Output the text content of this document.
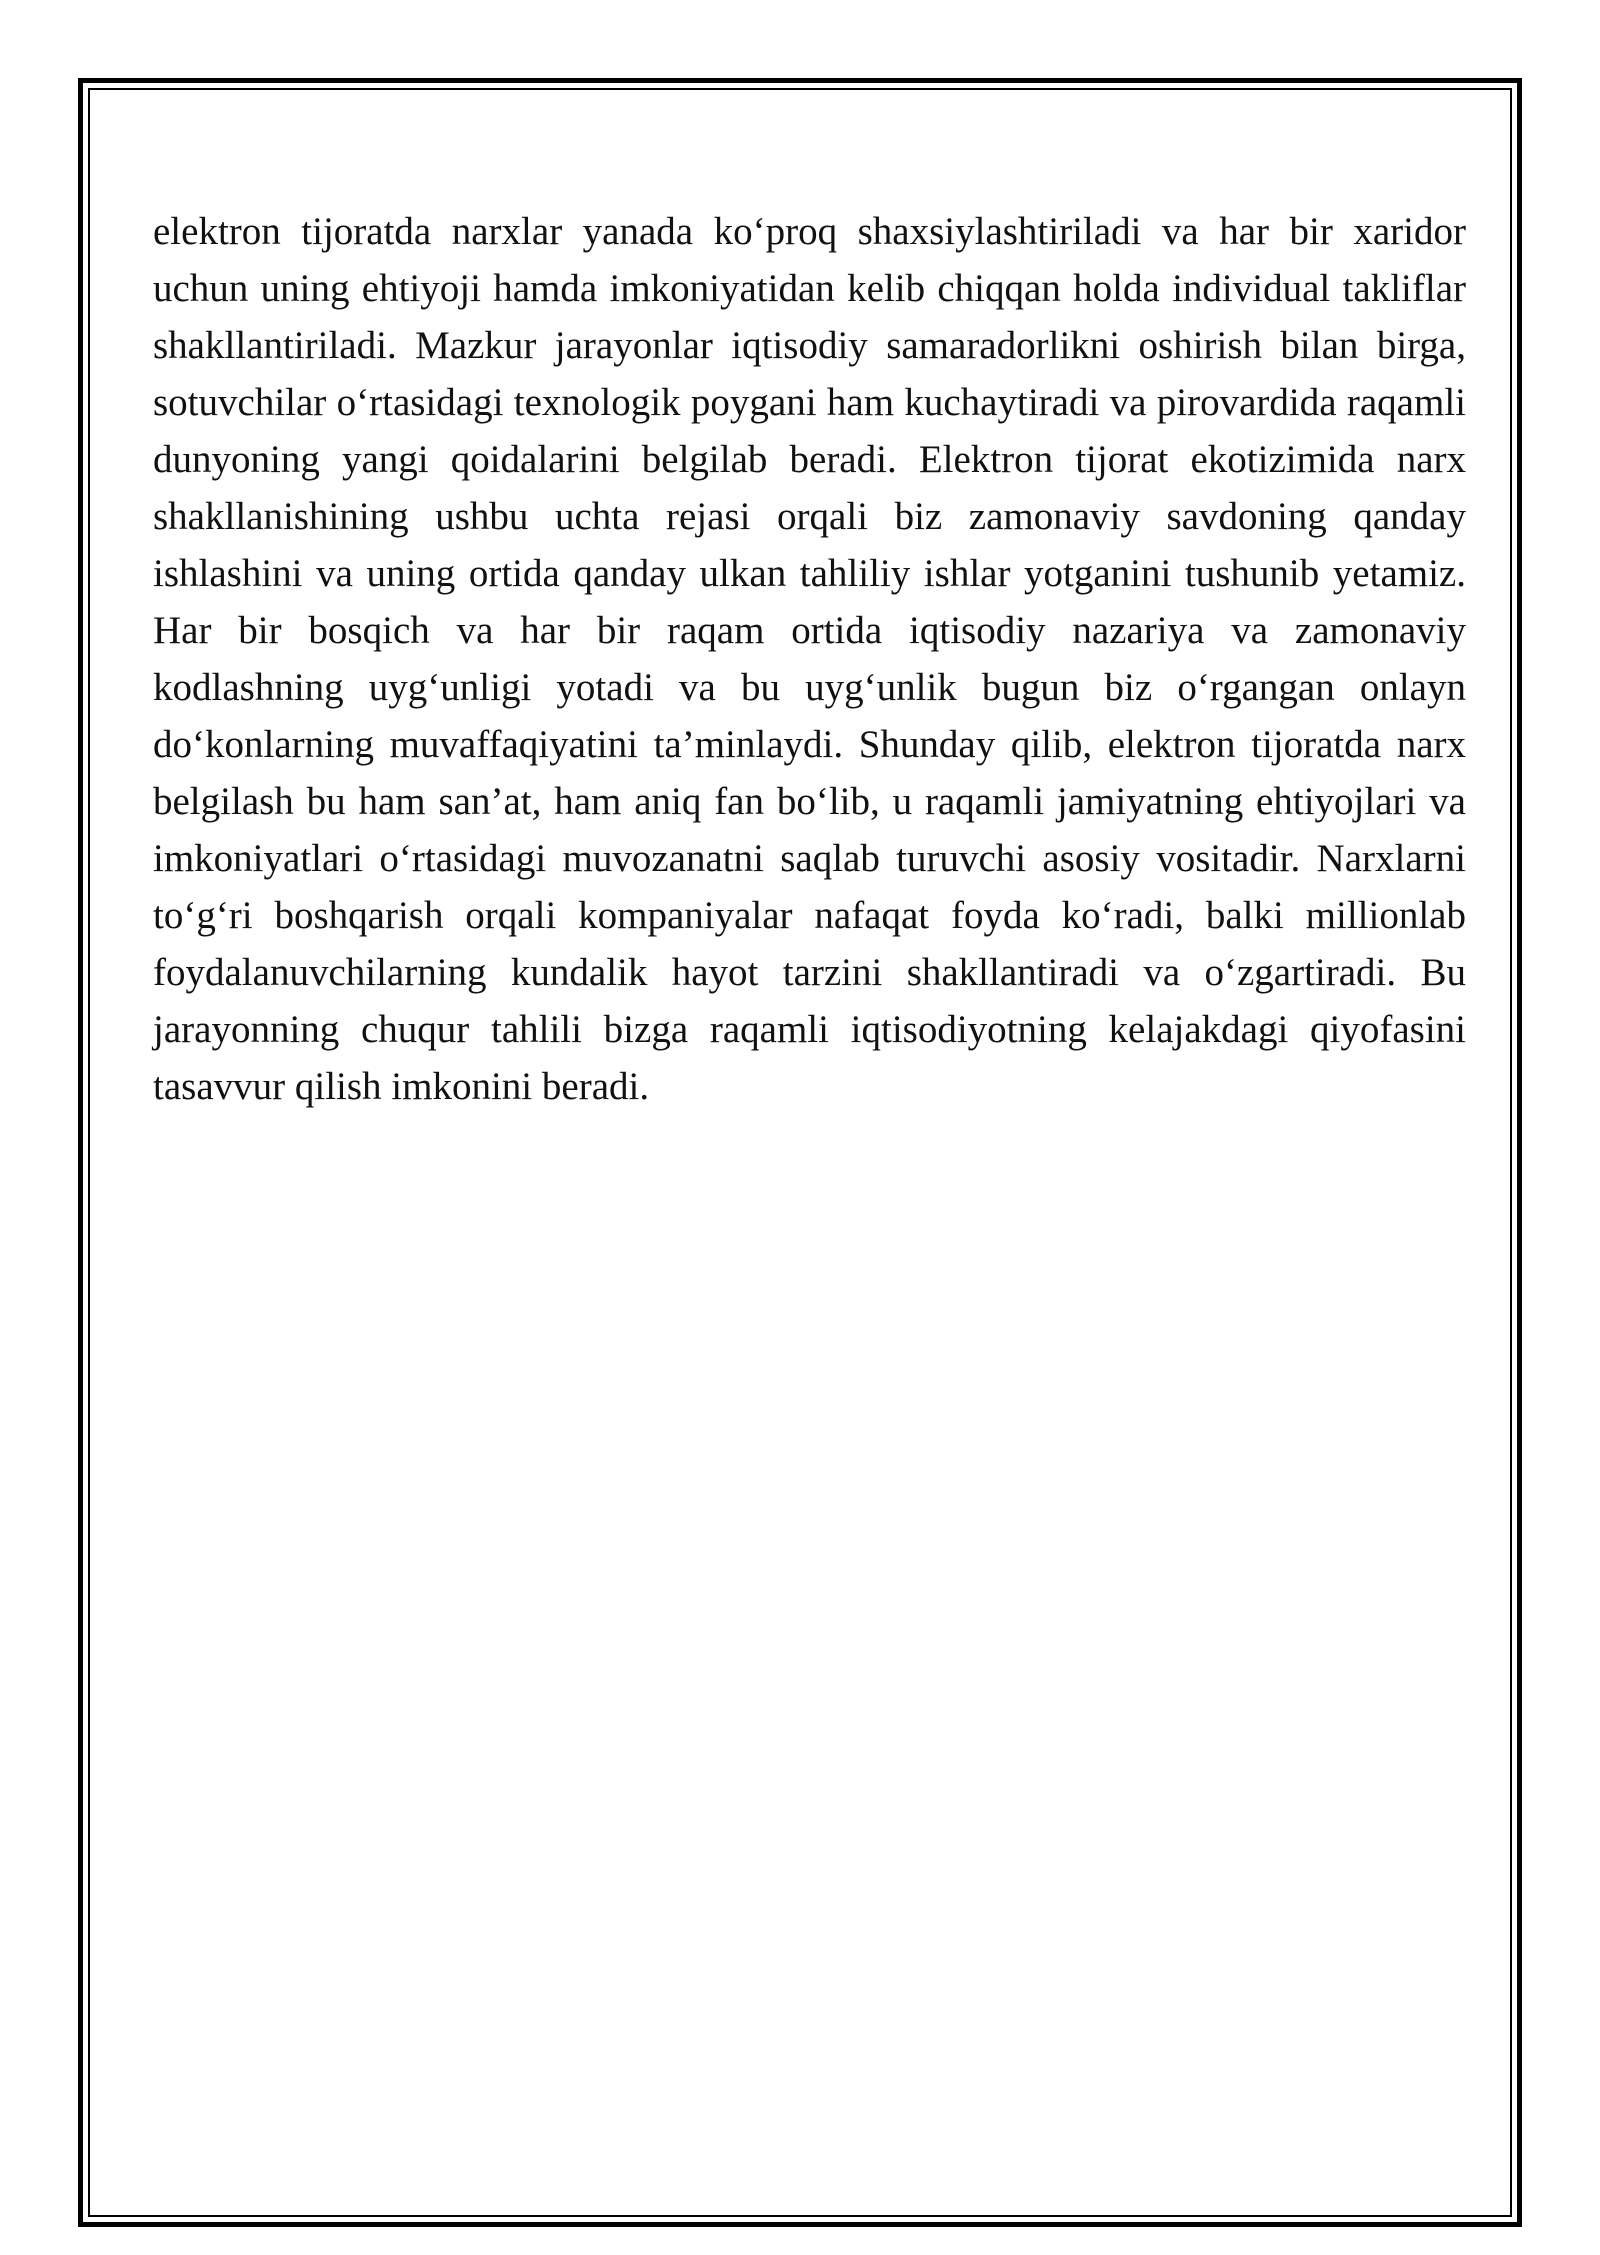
elektron tijoratda narxlar yanada ko‘proq shaxsiylashtiriladi va har bir xaridor uchun uning ehtiyoji hamda imkoniyatidan kelib chiqqan holda individual takliflar shakllantiriladi. Mazkur jarayonlar iqtisodiy samaradorlikni oshirish bilan birga, sotuvchilar o‘rtasidagi texnologik poygani ham kuchaytiradi va pirovardida raqamli dunyoning yangi qoidalarini belgilab beradi. Elektron tijorat ekotizimida narx shakllanishining ushbu uchta rejasi orqali biz zamonaviy savdoning qanday ishlashini va uning ortida qanday ulkan tahliliy ishlar yotganini tushunib yetamiz. Har bir bosqich va har bir raqam ortida iqtisodiy nazariya va zamonaviy kodlashning uyg‘unligi yotadi va bu uyg‘unlik bugun biz o‘rgangan onlayn do‘konlarning muvaffaqiyatini ta’minlaydi. Shunday qilib, elektron tijoratda narx belgilash bu ham san’at, ham aniq fan bo‘lib, u raqamli jamiyatning ehtiyojlari va imkoniyatlari o‘rtasidagi muvozanatni saqlab turuvchi asosiy vositadir. Narxlarni to‘g‘ri boshqarish orqali kompaniyalar nafaqat foyda ko‘radi, balki millionlab foydalanuvchilarning kundalik hayot tarzini shakllantiradi va o‘zgartiradi. Bu jarayonning chuqur tahlili bizga raqamli iqtisodiyotning kelajakdagi qiyofasini tasavvur qilish imkonini beradi.
